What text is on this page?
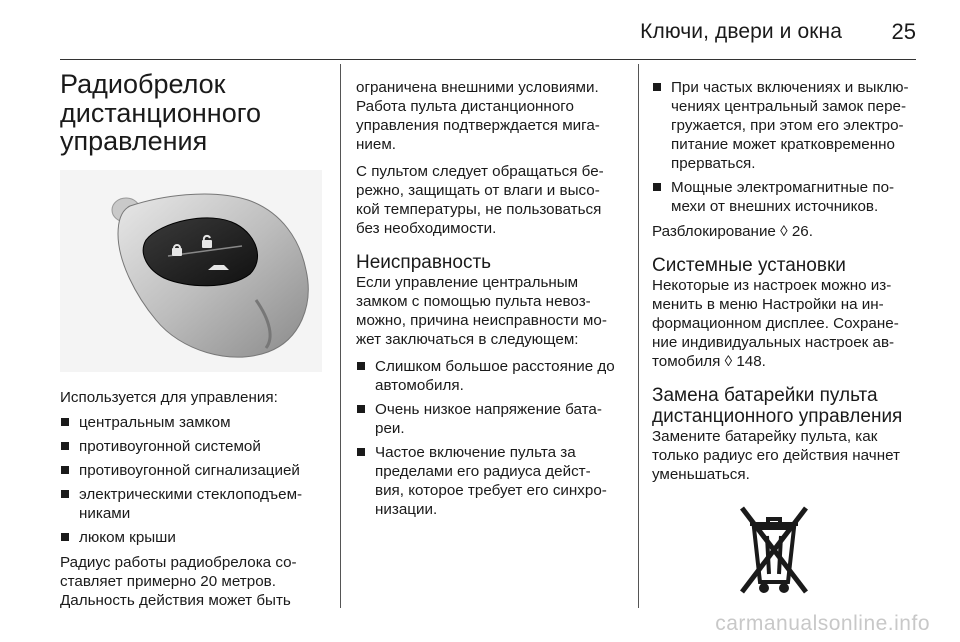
Ключи, двери и окна 25
Радиобрелок дистанционного управления

Используется для управления:

центральным замком
противоугонной системой
противоугонной сигнализацией
электрическими стеклоподъем-никами
люком крыши

Радиус работы радиобрелока со-ставляет примерно 20 метров. Дальность действия может быть

ограничена внешними условиями. Работа пульта дистанционного управления подтверждается мига-нием.

С пультом следует обращаться бе-режно, защищать от влаги и высо-кой температуры, не пользоваться без необходимости.

Неисправность

Если управление центральным замком с помощью пульта невоз-можно, причина неисправности мо-жет заключаться в следующем:

Слишком большое расстояние до автомобиля.
Очень низкое напряжение бата-реи.
Частое включение пульта за пределами его радиуса дейст-вия, которое требует его синхро-низации.
При частых включениях и выклю-чениях центральный замок пере-гружается, при этом его электро-питание может кратковременно прерваться.
Мощные электромагнитные по-мехи от внешних источников.

Разблокирование ◊ 26.

Системные установки

Некоторые из настроек можно из-менить в меню Настройки на ин-формационном дисплее. Сохране-ние индивидуальных настроек ав-томобиля ◊ 148.

Замена батарейки пульта дистанционного управления

Замените батарейку пульта, как только радиус его действия начнет уменьшаться.

carmanualsonline.info
